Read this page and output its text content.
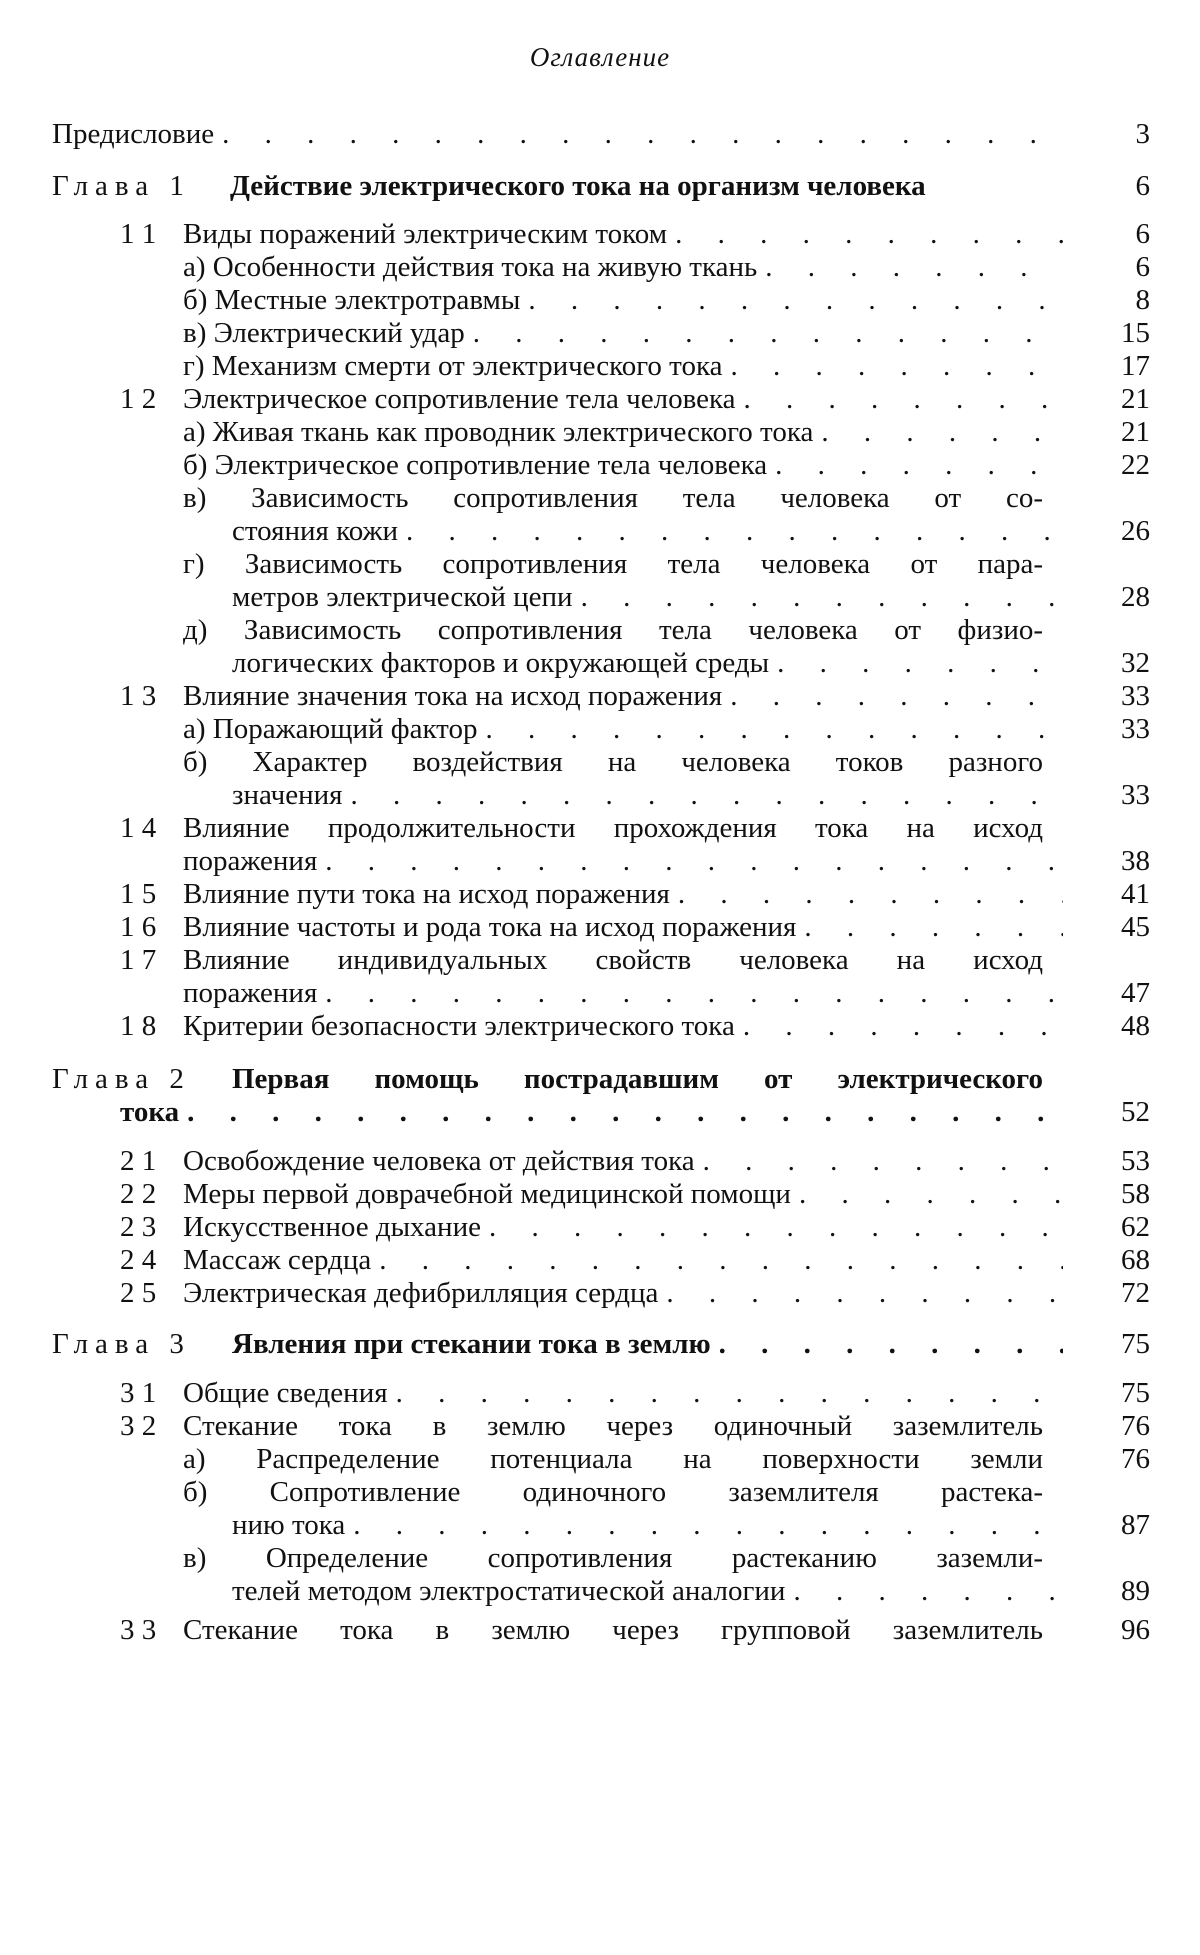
Оглавление
Предисловие . . .	3
Глава 1 Действие электрического тока на организм человека	6
1 1 Виды поражений электрическим током . . .	6
а) Особенности действия тока на живую ткань . . .	6
б) Местные электротравмы . . .	8
в) Электрический удар . . .	15
г) Механизм смерти от электрического тока . . .	17
1 2 Электрическое сопротивление тела человека . . .	21
а) Живая ткань как проводник электрического тока . . .	21
б) Электрическое сопротивление тела человека . . .	22
в) Зависимость сопротивления тела человека от со-
стояния кожи . . .	26
г) Зависимость сопротивления тела человека от пара-
метров электрической цепи . . .	28
д) Зависимость сопротивления тела человека от физио-
логических факторов и окружающей среды . . .	32
1 3 Влияние значения тока на исход поражения . . .	33
а) Поражающий фактор . . .	33
б) Характер воздействия на человека токов разного
значения . . .	33
1 4 Влияние продолжительности прохождения тока на исход
поражения . . .	38
1 5 Влияние пути тока на исход поражения . . .	41
1 6 Влияние частоты и рода тока на исход поражения . . .	45
1 7 Влияние индивидуальных свойств человека на исход
поражения . . .	47
1 8 Критерии безопасности электрического тока . . .	48
Глава 2 Первая помощь пострадавшим от электрического
тока . . .	52
2 1 Освобождение человека от действия тока . . .	53
2 2 Меры первой доврачебной медицинской помощи . . .	58
2 3 Искусственное дыхание . . .	62
2 4 Массаж сердца . . .	68
2 5 Электрическая дефибрилляция сердца . . .	72
Глава 3 Явления при стекании тока в землю . . .	75
3 1 Общие сведения . . .	75
3 2 Стекание тока в землю через одиночный заземлитель	76
а) Распределение потенциала на поверхности земли	76
б) Сопротивление одиночного заземлителя растека-
нию тока . . .	87
в) Определение сопротивления растеканию заземли-
телей методом электростатической аналогии . . .	89
3 3 Стекание тока в землю через групповой заземлитель	96
